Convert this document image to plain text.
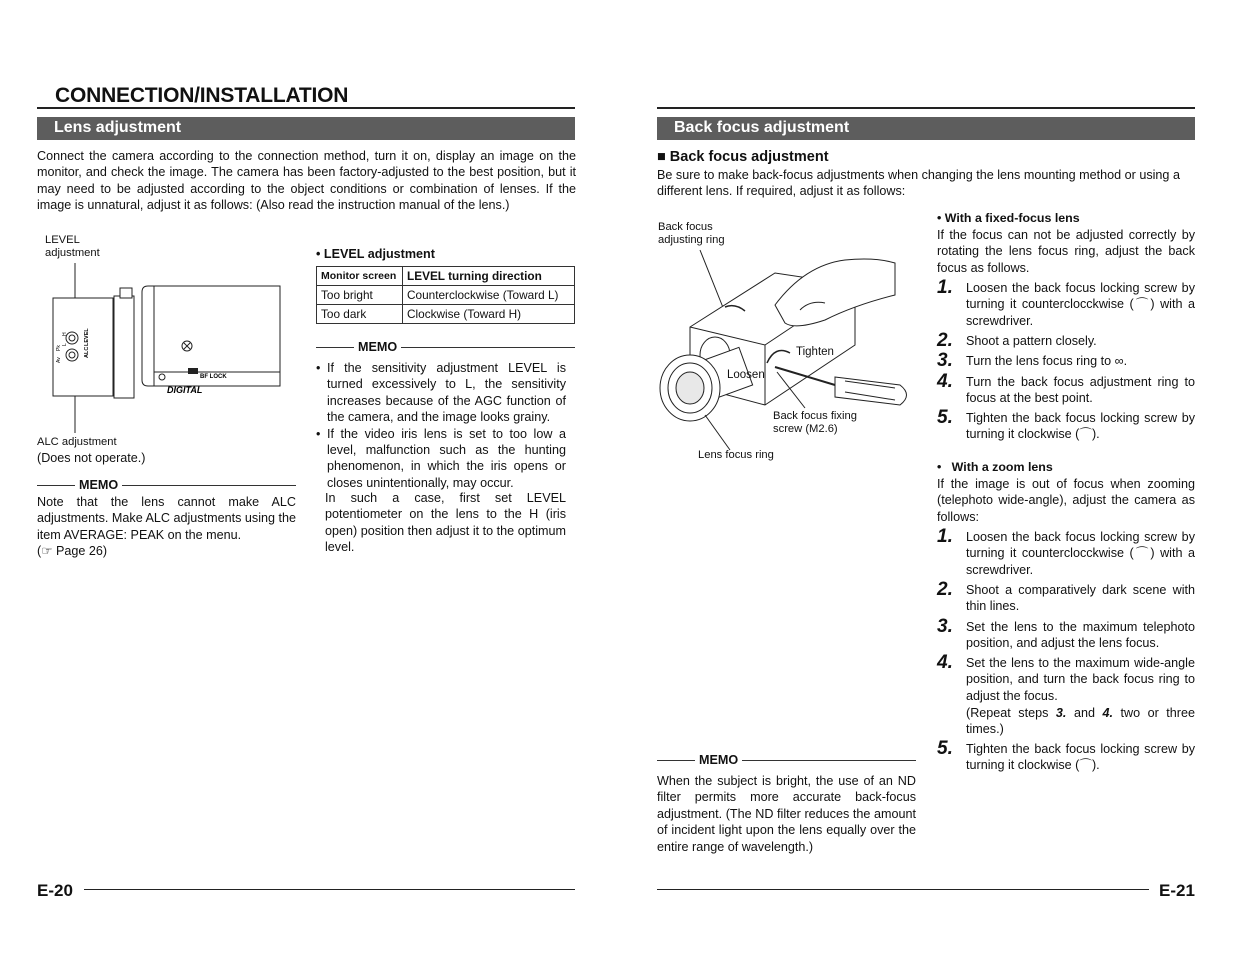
CONNECTION/INSTALLATION
Lens adjustment
Connect the camera according to the connection method, turn it on, display an image on the monitor, and check the image. The camera has been factory-adjusted to the best position, but it may need to be adjusted according to the object conditions or combination of lenses. If the image is unnatural, adjust it as follows: (Also read the instruction manual of the lens.)
LEVEL
adjustment
Av
Pk
H
L
ALC
LEVEL
BF LOCK
DIGITAL
ALC adjustment
(Does not operate.)
MEMO
Note that the lens cannot make ALC adjustments. Make ALC adjustments using the item AVERAGE: PEAK on the menu.
(☞ Page 26)
• LEVEL adjustment
Monitor screen	LEVEL turning direction
Too bright	Counterclockwise (Toward L)
Too dark	Clockwise (Toward H)
MEMO
• If the sensitivity adjustment LEVEL is turned excessively to L, the sensitivity increases because of the AGC function of the camera, and the image looks grainy.
• If the video iris lens is set to too low a level, malfunction such as the hunting phenomenon, in which the iris opens or closes unintentionally, may occur.
In such a case, first set LEVEL potentiometer on the lens to the H (iris open) position then adjust it to the optimum level.
E-20
Back focus adjustment
■ Back focus adjustment
Be sure to make back-focus adjustments when changing the lens mounting method or using a different lens. If required, adjust it as follows:
Back focus
adjusting ring
Tighten
Loosen
Back focus fixing
screw (M2.6)
Lens focus ring
MEMO
When the subject is bright, the use of an ND filter permits more accurate back-focus adjustment. (The ND filter reduces the amount of incident light upon the lens equally over the entire range of wavelength.)
• With a fixed-focus lens
If the focus can not be adjusted correctly by rotating the lens focus ring, adjust the back focus as follows.
1.	Loosen the back focus locking screw by turning it counterclocckwise (⌒) with a screwdriver.
2.	Shoot a pattern closely.
3.	Turn the lens focus ring to ∞.
4.	Turn the back focus adjustment ring to focus at the best point.
5.	Tighten the back focus locking screw by turning it clockwise (⌒).
•   With a zoom lens
If the image is out of focus when zooming (telephoto wide-angle), adjust the camera as follows:
1.	Loosen the back focus locking screw by turning it counterclocckwise (⌒) with a screwdriver.
2.	Shoot a comparatively dark scene with thin lines.
3.	Set the lens to the maximum telephoto position, and adjust the lens focus.
4.	Set the lens to the maximum wide-angle position, and turn the back focus ring to adjust the focus.
(Repeat steps 3. and 4. two or three times.)
5.	Tighten the back focus locking screw by turning it clockwise (⌒).
E-21
